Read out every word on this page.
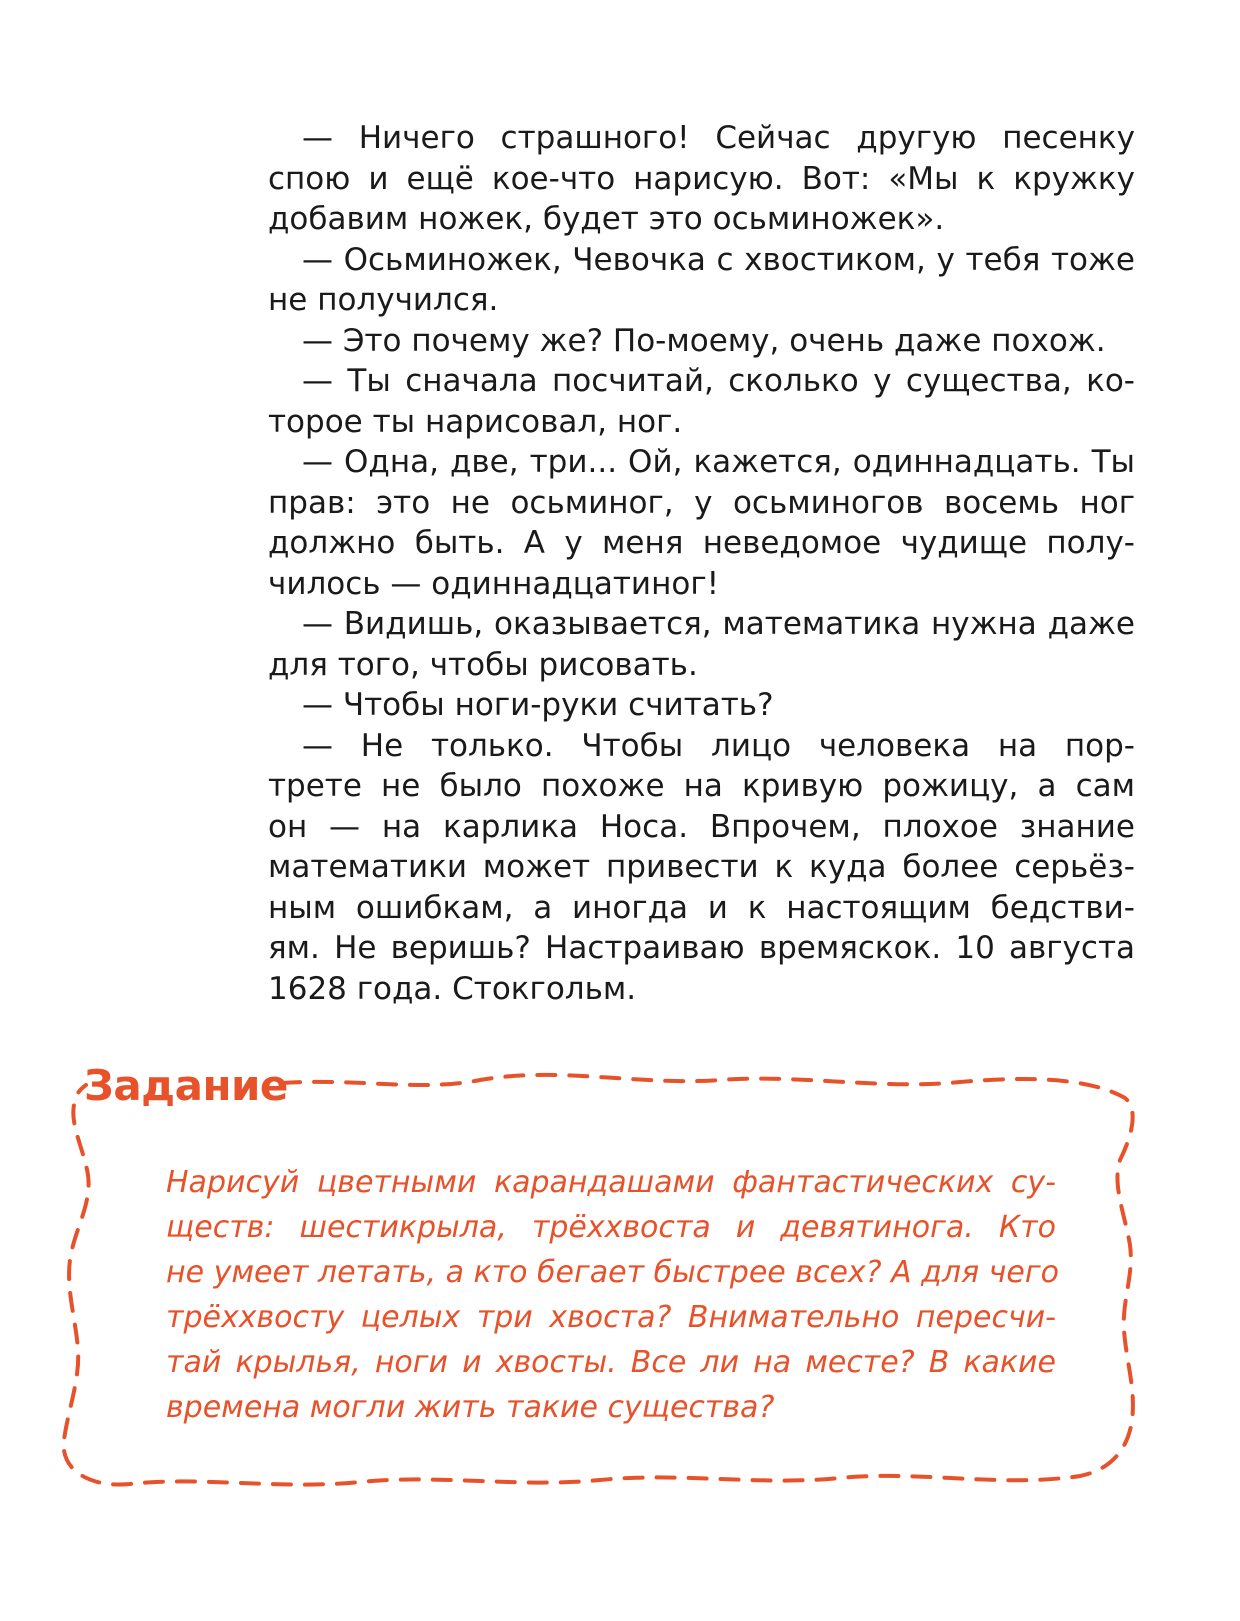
— Ничего страшного! Сейчас другую песенку
спою и ещё кое-что нарисую. Вот: «Мы к кружку
добавим ножек, будет это осьминожек».
— Осьминожек, Чевочка с хвостиком, у тебя тоже
не получился.
— Это почему же? По-моему, очень даже похож.
— Ты сначала посчитай, сколько у существа, ко-
торое ты нарисовал, ног.
— Одна, две, три... Ой, кажется, одиннадцать. Ты
прав: это не осьминог, у осьминогов восемь ног
должно быть. А у меня неведомое чудище полу-
чилось — одиннадцатиног!
— Видишь, оказывается, математика нужна даже
для того, чтобы рисовать.
— Чтобы ноги-руки считать?
— Не только. Чтобы лицо человека на пор-
трете не было похоже на кривую рожицу, а сам
он — на карлика Носа. Впрочем, плохое знание
математики может привести к куда более серьёз-
ным ошибкам, а иногда и к настоящим бедстви-
ям. Не веришь? Настраиваю времяскок. 10 августа
1628 года. Стокгольм.
Задание
Нарисуй цветными карандашами фантастических су-
ществ: шестикрыла, трёххвоста и девятинога. Кто
не умеет летать, а кто бегает быстрее всех? А для чего
трёххвосту целых три хвоста? Внимательно пересчи-
тай крылья, ноги и хвосты. Все ли на месте? В какие
времена могли жить такие существа?
